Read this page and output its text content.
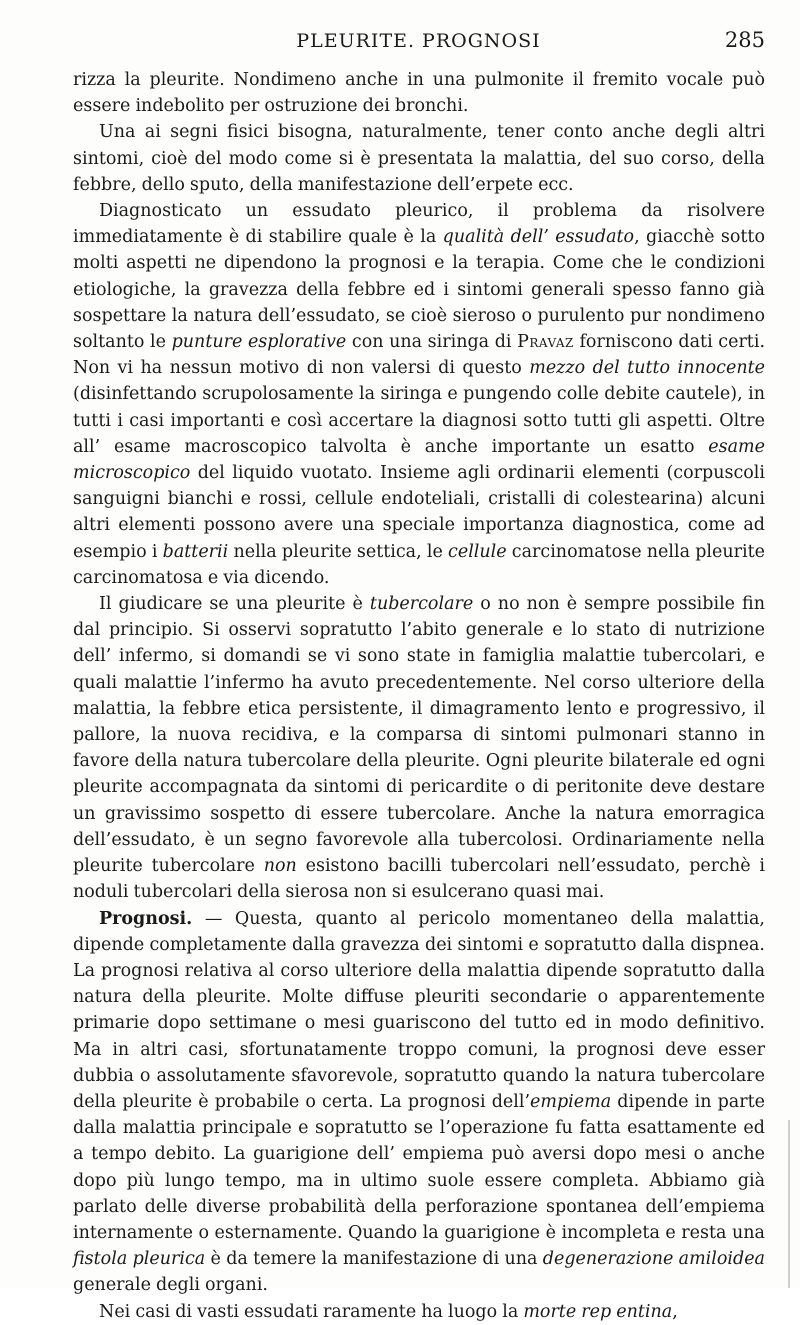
PLEURITE. PROGNOSI	285

rizza la pleurite. Nondimeno anche in una pulmonite il fremito vocale può essere indebolito per ostruzione dei bronchi.

Una ai segni fisici bisogna, naturalmente, tener conto anche degli altri sintomi, cioè del modo come si è presentata la malattia, del suo corso, della febbre, dello sputo, della manifestazione dell’erpete ecc.

Diagnosticato un essudato pleurico, il problema da risolvere immediatamente è di stabilire quale è la qualità dell’ essudato, giacchè sotto molti aspetti ne dipendono la prognosi e la terapia. Come che le condizioni etiologiche, la gravezza della febbre ed i sintomi generali spesso fanno già sospettare la natura dell’essudato, se cioè sieroso o purulento pur nondimeno soltanto le punture esplorative con una siringa di Pravaz forniscono dati certi. Non vi ha nessun motivo di non valersi di questo mezzo del tutto innocente (disinfettando scrupolosamente la siringa e pungendo colle debite cautele), in tutti i casi importanti e così accertare la diagnosi sotto tutti gli aspetti. Oltre all’ esame macroscopico talvolta è anche importante un esatto esame microscopico del liquido vuotato. Insieme agli ordinarii elementi (corpuscoli sanguigni bianchi e rossi, cellule endoteliali, cristalli di colestearina) alcuni altri elementi possono avere una speciale importanza diagnostica, come ad esempio i batterii nella pleurite settica, le cellule carcinomatose nella pleurite carcinomatosa e via dicendo.

Il giudicare se una pleurite è tubercolare o no non è sempre possibile fin dal principio. Si osservi sopratutto l’abito generale e lo stato di nutrizione dell’ infermo, si domandi se vi sono state in famiglia malattie tubercolari, e quali malattie l’infermo ha avuto precedentemente. Nel corso ulteriore della malattia, la febbre etica persistente, il dimagramento lento e progressivo, il pallore, la nuova recidiva, e la comparsa di sintomi pulmonari stanno in favore della natura tubercolare della pleurite. Ogni pleurite bilaterale ed ogni pleurite accompagnata da sintomi di pericardite o di peritonite deve destare un gravissimo sospetto di essere tubercolare. Anche la natura emorragica dell’essudato, è un segno favorevole alla tubercolosi. Ordinariamente nella pleurite tubercolare non esistono bacilli tubercolari nell’essudato, perchè i noduli tubercolari della sierosa non si esulcerano quasi mai.

Prognosi. — Questa, quanto al pericolo momentaneo della malattia, dipende completamente dalla gravezza dei sintomi e sopratutto dalla dispnea. La prognosi relativa al corso ulteriore della malattia dipende sopratutto dalla natura della pleurite. Molte diffuse pleuriti secondarie o apparentemente primarie dopo settimane o mesi guariscono del tutto ed in modo definitivo. Ma in altri casi, sfortunatamente troppo comuni, la prognosi deve esser dubbia o assolutamente sfavorevole, sopratutto quando la natura tubercolare della pleurite è probabile o certa. La prognosi dell’empiema dipende in parte dalla malattia principale e sopratutto se l’operazione fu fatta esattamente ed a tempo debito. La guarigione dell’ empiema può aversi dopo mesi o anche dopo più lungo tempo, ma in ultimo suole essere completa. Abbiamo già parlato delle diverse probabilità della perforazione spontanea dell’empiema internamente o esternamente. Quando la guarigione è incompleta e resta una fistola pleurica è da temere la manifestazione di una degenerazione amiloidea generale degli organi.

Nei casi di vasti essudati raramente ha luogo la morte rep entina,
